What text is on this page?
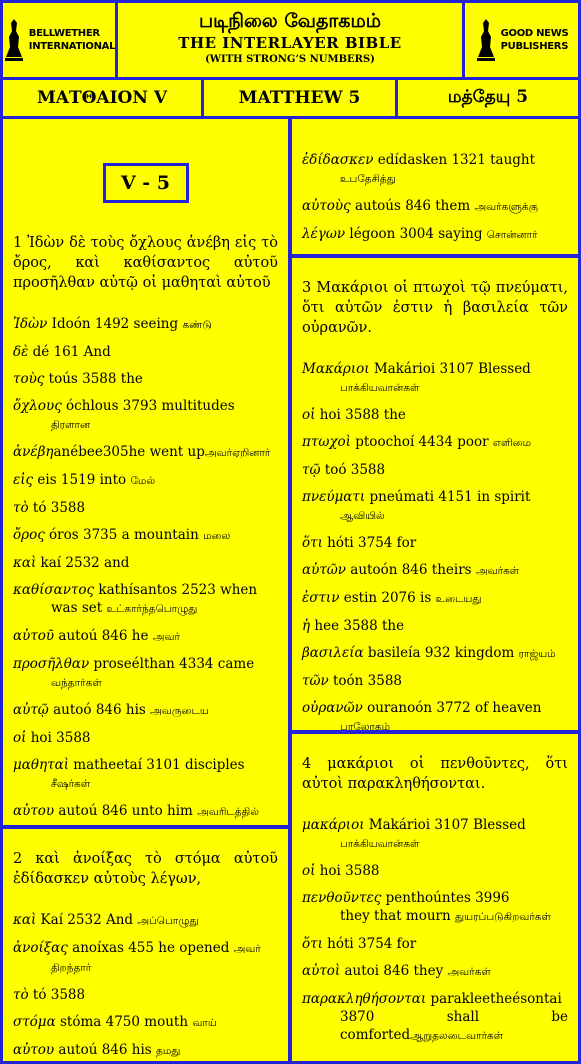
BELLWETHER
INTERNATIONAL
படிநிலை வேதாகமம்
THE INTERLAYER BIBLE
(WITH STRONG’S NUMBERS)
GOOD NEWS
PUBLISHERS
ΜΑΤΘΑΙΟΝ V	MATTHEW 5	மத்தேயு 5
V - 5
1 Ἰδὼν δὲ τοὺς ὄχλους ἀνέβη εἰς τὸ ὄρος, καὶ καθίσαντος αὐτοῦ προσῆλθαν αὐτῷ οἱ μαθηταὶ αὐτοῦ
Ἰδὼν Idoón 1492 seeing கண்டு
δὲ dé 161 And
τοὺς toús 3588 the
ὄχλους óchlous 3793 multitudes
திரளான
ἀνέβηanébee305he went upஅவர்ஏறினார்
εἰς eis 1519 into மேல்
τὸ tó 3588
ὄρος óros 3735 a mountain மலை
καὶ kaí 2532 and
καθίσαντος kathísantos 2523 when
was set உட்கார்ந்தபொழுது
αὐτοῦ autoú 846 he அவர்
προσῆλθαν proseélthan 4334 came
வந்தார்கள்
αὐτῷ autoó 846 his அவருடைய
οἱ hoi 3588
μαθηταὶ matheetaí 3101 disciples
சீஷர்கள்
αὐτου autoú 846 unto him அவரிடத்தில்
2 καὶ ἀνοίξας τὸ στόμα αὐτοῦ ἐδίδασκεν αὐτοὺς λέγων,
καὶ Kaí 2532 And அப்பொழுது
ἀνοίξας anoíxas 455 he opened அவர்
திறந்தார்
τὸ tó 3588
στόμα stóma 4750 mouth வாய்
αὐτου autoú 846 his தமது
ἐδίδασκεν edídasken 1321 taught
உபதேசித்து
αὐτοὺς autoús 846 them அவர்களுக்கு
λέγων légoon 3004 saying சொன்னார்
3 Μακάριοι οἱ πτωχοὶ τῷ πνεύματι, ὅτι αὐτῶν ἐστιν ἡ βασιλεία τῶν οὐρανῶν.
Μακάριοι Makárioi 3107 Blessed
பாக்கியவான்கள்
οἱ hoi 3588 the
πτωχοὶ ptoochoí 4434 poor எளிமை
τῷ toó 3588
πνεύματι pneúmati 4151 in spirit
ஆவியில்
ὅτι hóti 3754 for
αὐτῶν autoón 846 theirs அவர்கள்
ἐστιν estin 2076 is உடையது
ἡ hee 3588 the
βασιλεία basileía 932 kingdom ராஜ்யம்
τῶν toón 3588
οὐρανῶν ouranoón 3772 of heaven
பரலோகம்
4 μακάριοι οἱ πενθοῦντες, ὅτι αὐτοὶ παρακληθήσονται.
μακάριοι Makárioi 3107 Blessed
பாக்கியவான்கள்
οἱ hoi 3588
πενθοῦντες penthoúntes 3996
they that mourn துயரப்படுகிறவர்கள்
ὅτι hóti 3754 for
αὐτοὶ autoi 846 they அவர்கள்
παρακληθήσονται parakleetheésontai
3870 shall be comfortedஆறுதலடைவார்கள்
